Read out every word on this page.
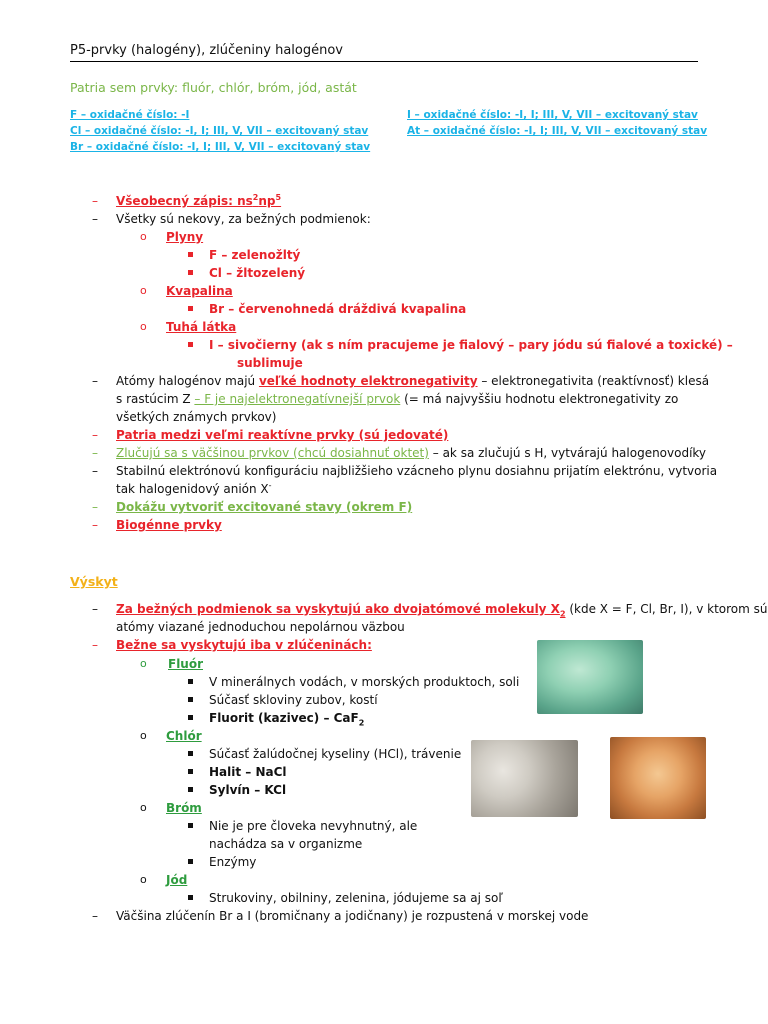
P5-prvky (halogény), zlúčeniny halogénov
Patria sem prvky: fluór, chlór, bróm, jód, astát
F – oxidačné číslo: -I
Cl – oxidačné číslo: -I, I; III, V, VII – excitovaný stav
Br – oxidačné číslo: -I, I; III, V, VII – excitovaný stav
I – oxidačné číslo: -I, I; III, V, VII – excitovaný stav
At – oxidačné číslo: -I, I; III, V, VII – excitovaný stav
– Všeobecný zápis: $ns^2np^5$
– Všetky sú nekovy, za bežných podmienok:
o Plyny
F – zelenožltý
Cl – žltozelený
o Kvapalina
Br – červenohnedá dráždivá kvapalina
o Tuhá látka
I – sivočierny (ak s ním pracujeme je fialový – pary jódu sú fialové a toxické) –
sublimuje
– Atómy halogénov majú veľké hodnoty elektronegativity – elektronegativita (reaktívnosť) klesá
s rastúcim Z – F je najelektronegatívnejší prvok (= má najvyššiu hodnotu elektronegativity zo
všetkých známych prvkov)
– Patria medzi veľmi reaktívne prvky (sú jedovaté)
– Zlučujú sa s väčšinou prvkov (chcú dosiahnuť oktet) – ak sa zlučujú s H, vytvárajú halogenovodíky
– Stabilnú elektrónovú konfiguráciu najbližšieho vzácneho plynu dosiahnu prijatím elektrónu, vytvoria
tak halogenidový anión X-
– Dokážu vytvoriť excitované stavy (okrem F)
– Biogénne prvky
Výskyt
– Za bežných podmienok sa vyskytujú ako dvojatómové molekuly $X_2$ (kde X = F, Cl, Br, I), v ktorom sú
atómy viazané jednoduchou nepolárnou väzbou
– Bežne sa vyskytujú iba v zlúčeninách:
o Fluór
V minerálnych vodách, v morských produktoch, soli
Súčasť skloviny zubov, kostí
Fluorit (kazivec) – CaF$_2$
o Chlór
Súčasť žalúdočnej kyseliny (HCl), trávenie
Halit – NaCl
Sylvín – KCl
o Bróm
Nie je pre človeka nevyhnutný, ale
nachádza sa v organizme
Enzýmy
o Jód
Strukoviny, obilniny, zelenina, jódujeme sa aj soľ
– Väčšina zlúčenín Br a I (bromičnany a jodičnany) je rozpustená v morskej vode
